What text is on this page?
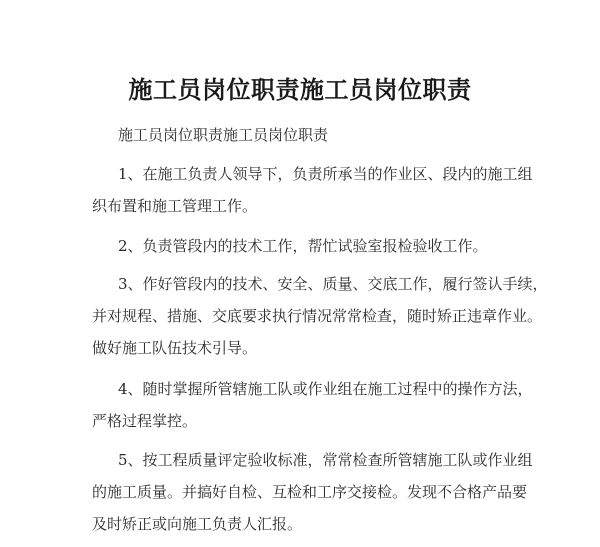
施工员岗位职责施工员岗位职责

施工员岗位职责施工员岗位职责

1、在施工负责人领导下，负责所承当的作业区、段内的施工组
织布置和施工管理工作。

2、负责管段内的技术工作，帮忙试验室报检验收工作。

3、作好管段内的技术、安全、质量、交底工作，履行签认手续，
并对规程、措施、交底要求执行情况常常检查，随时矫正违章作业。
做好施工队伍技术引导。

4、随时掌握所管辖施工队或作业组在施工过程中的操作方法，
严格过程掌控。

5、按工程质量评定验收标准，常常检查所管辖施工队或作业组
的施工质量。并搞好自检、互检和工序交接检。发现不合格产品要
及时矫正或向施工负责人汇报。
